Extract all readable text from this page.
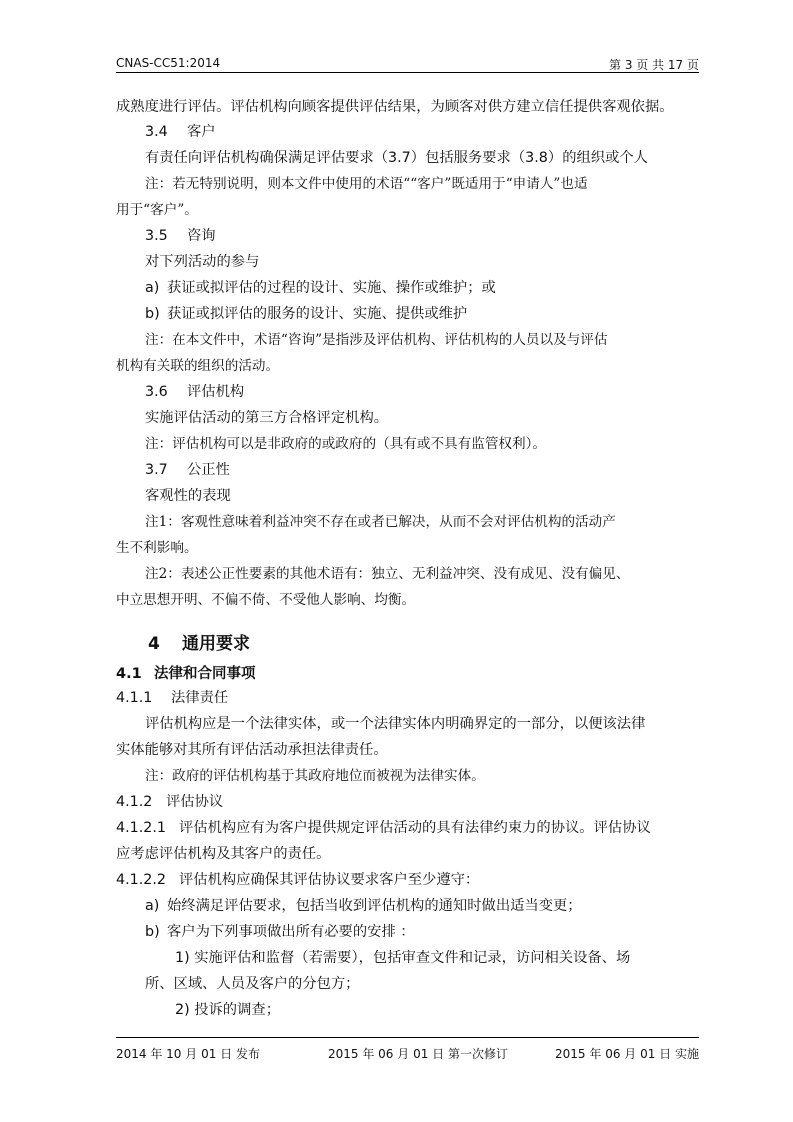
CNAS-CC51:2014	第 3 页 共 17 页
成熟度进行评估。评估机构向顾客提供评估结果，为顾客对供方建立信任提供客观依据。
3.4 客户
有责任向评估机构确保满足评估要求（3.7）包括服务要求（3.8）的组织或个人
注：若无特别说明，则本文件中使用的术语““客户”既适用于“申请人”也适
用于“客户”。
3.5 咨询
对下列活动的参与
a) 获证或拟评估的过程的设计、实施、操作或维护；或
b) 获证或拟评估的服务的设计、实施、提供或维护
注：在本文件中，术语“咨询”是指涉及评估机构、评估机构的人员以及与评估
机构有关联的组织的活动。
3.6 评估机构
实施评估活动的第三方合格评定机构。
注：评估机构可以是非政府的或政府的（具有或不具有监管权利）。
3.7 公正性
客观性的表现
注1：客观性意味着利益冲突不存在或者已解决，从而不会对评估机构的活动产
生不利影响。
注2：表述公正性要素的其他术语有：独立、无利益冲突、没有成见、没有偏见、
中立思想开明、不偏不倚、不受他人影响、均衡。
4 通用要求
4.1 法律和合同事项
4.1.1 法律责任
评估机构应是一个法律实体，或一个法律实体内明确界定的一部分，以便该法律
实体能够对其所有评估活动承担法律责任。
注：政府的评估机构基于其政府地位而被视为法律实体。
4.1.2 评估协议
4.1.2.1 评估机构应有为客户提供规定评估活动的具有法律约束力的协议。评估协议
应考虑评估机构及其客户的责任。
4.1.2.2 评估机构应确保其评估协议要求客户至少遵守：
a) 始终满足评估要求，包括当收到评估机构的通知时做出适当变更；
b) 客户为下列事项做出所有必要的安排 ：
1) 实施评估和监督（若需要），包括审查文件和记录，访问相关设备、场
所、区域、人员及客户的分包方；
2) 投诉的调查；
2014 年 10 月 01 日 发布	2015 年 06 月 01 日 第一次修订	2015 年 06 月 01 日 实施
